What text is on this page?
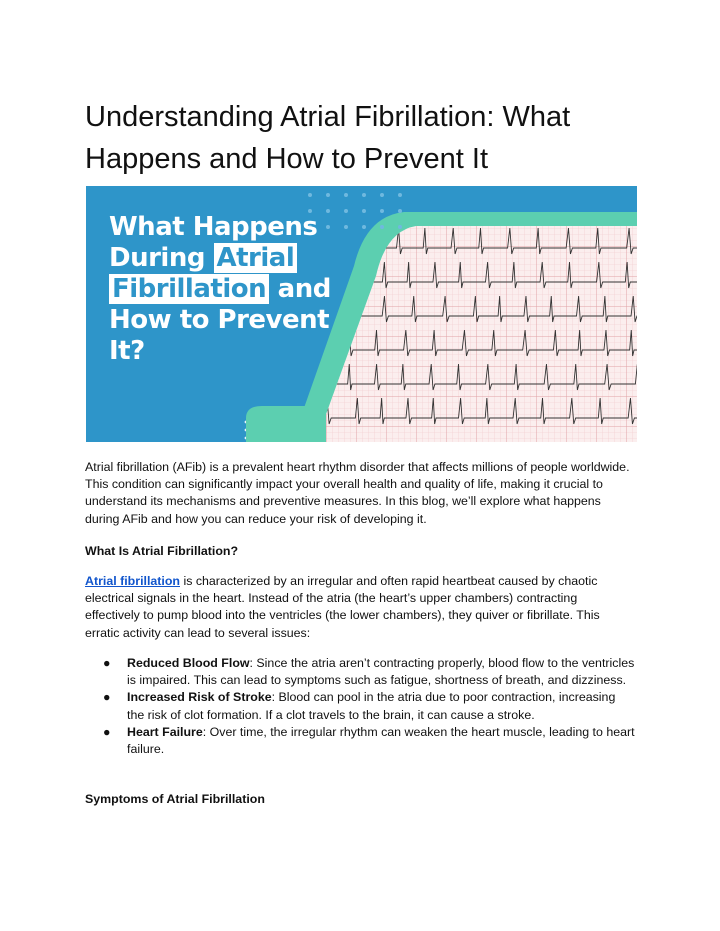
Understanding Atrial Fibrillation: What Happens and How to Prevent It
What Happens
During Atrial
Fibrillation and
How to Prevent
It?

Atrial fibrillation (AFib) is a prevalent heart rhythm disorder that affects millions of people worldwide. This condition can significantly impact your overall health and quality of life, making it crucial to understand its mechanisms and preventive measures. In this blog, we’ll explore what happens during AFib and how you can reduce your risk of developing it.

What Is Atrial Fibrillation?

Atrial fibrillation is characterized by an irregular and often rapid heartbeat caused by chaotic electrical signals in the heart. Instead of the atria (the heart’s upper chambers) contracting effectively to pump blood into the ventricles (the lower chambers), they quiver or fibrillate. This erratic activity can lead to several issues:

● Reduced Blood Flow: Since the atria aren’t contracting properly, blood flow to the ventricles is impaired. This can lead to symptoms such as fatigue, shortness of breath, and dizziness.
● Increased Risk of Stroke: Blood can pool in the atria due to poor contraction, increasing the risk of clot formation. If a clot travels to the brain, it can cause a stroke.
● Heart Failure: Over time, the irregular rhythm can weaken the heart muscle, leading to heart failure.

Symptoms of Atrial Fibrillation
